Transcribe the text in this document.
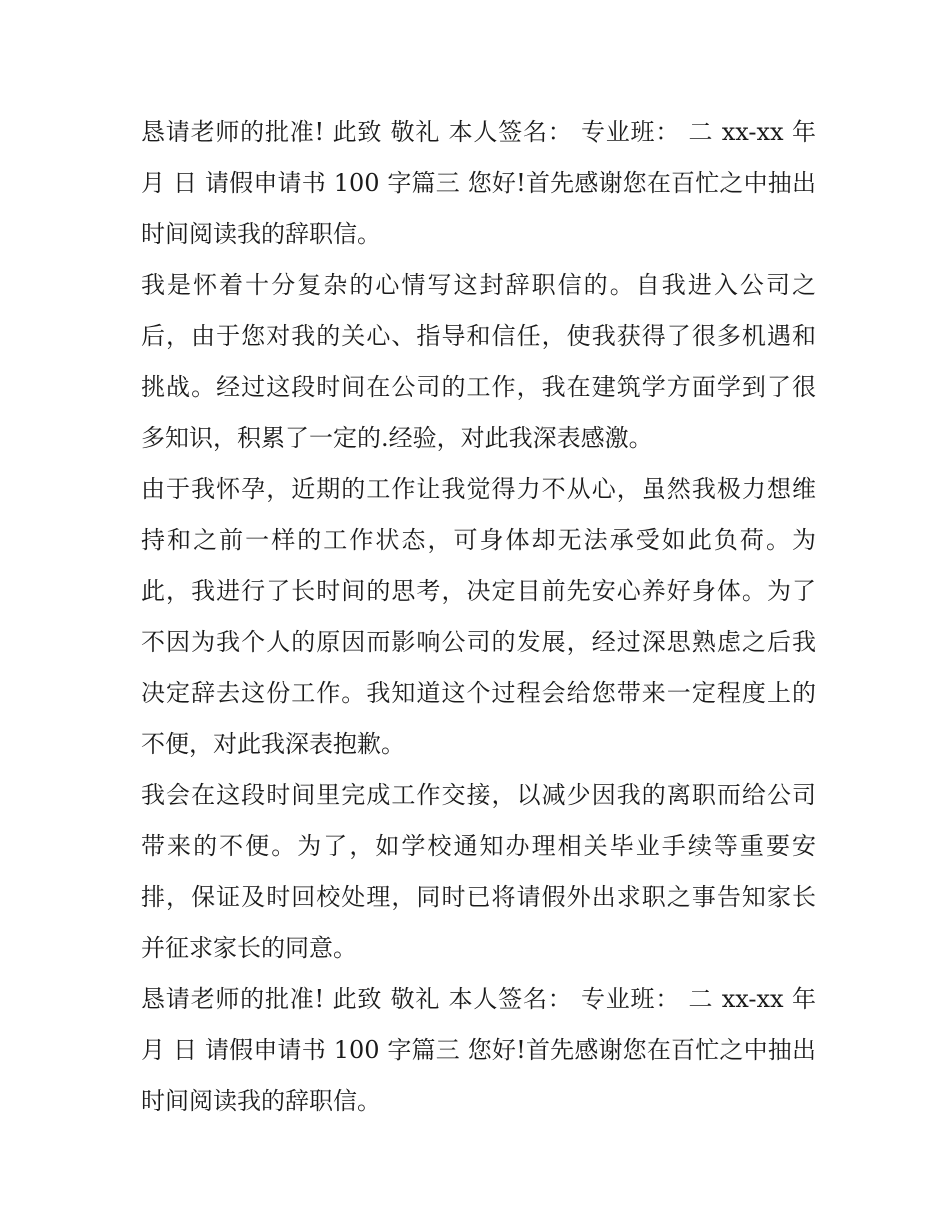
恳请老师的批准! 此致 敬礼 本人签名： 专业班： 二 xx-xx 年
月 日 请假申请书 100 字篇三 您好!首先感谢您在百忙之中抽出
时间阅读我的辞职信。
我是怀着十分复杂的心情写这封辞职信的。自我进入公司之
后，由于您对我的关心、指导和信任，使我获得了很多机遇和
挑战。经过这段时间在公司的工作，我在建筑学方面学到了很
多知识，积累了一定的.经验，对此我深表感激。
由于我怀孕，近期的工作让我觉得力不从心，虽然我极力想维
持和之前一样的工作状态，可身体却无法承受如此负荷。为
此，我进行了长时间的思考，决定目前先安心养好身体。为了
不因为我个人的原因而影响公司的发展，经过深思熟虑之后我
决定辞去这份工作。我知道这个过程会给您带来一定程度上的
不便，对此我深表抱歉。
我会在这段时间里完成工作交接，以减少因我的离职而给公司
带来的不便。为了，如学校通知办理相关毕业手续等重要安
排，保证及时回校处理，同时已将请假外出求职之事告知家长
并征求家长的同意。
恳请老师的批准! 此致 敬礼 本人签名： 专业班： 二 xx-xx 年
月 日 请假申请书 100 字篇三 您好!首先感谢您在百忙之中抽出
时间阅读我的辞职信。
